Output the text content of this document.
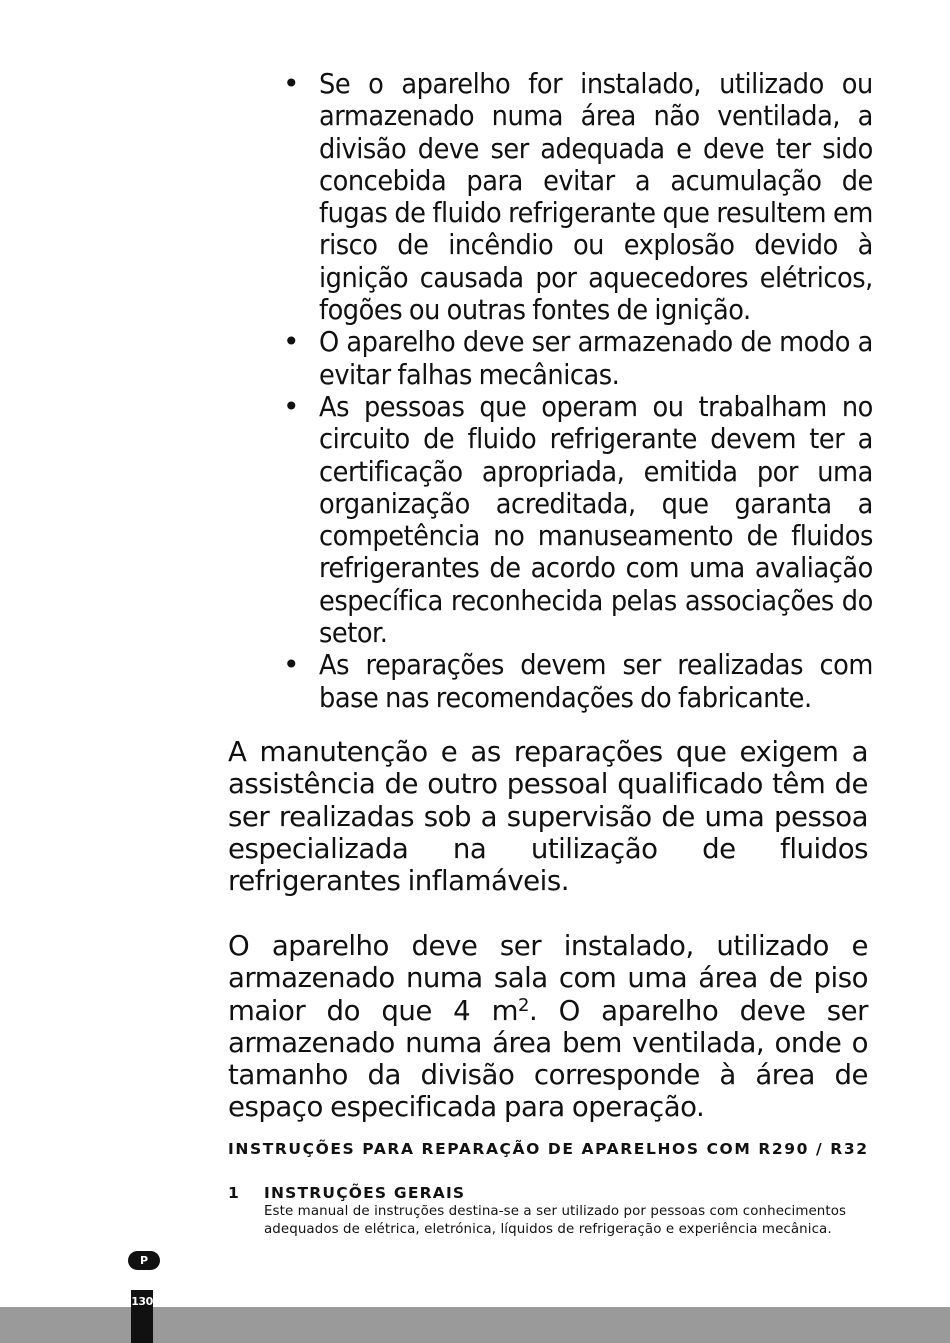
• Se o aparelho for instalado, utilizado ou armazenado numa área não ventilada, a divisão deve ser adequada e deve ter sido concebida para evitar a acumulação de fugas de fluido refrigerante que resultem em risco de incêndio ou explosão devido à ignição causada por aquecedores elétricos, fogões ou outras fontes de ignição.
• O aparelho deve ser armazenado de modo a evitar falhas mecânicas.
• As pessoas que operam ou trabalham no circuito de fluido refrigerante devem ter a certificação apropriada, emitida por uma organização acreditada, que garanta a competência no manuseamento de fluidos refrigerantes de acordo com uma avaliação específica reconhecida pelas associações do setor.
• As reparações devem ser realizadas com base nas recomendações do fabricante.

A manutenção e as reparações que exigem a assistência de outro pessoal qualificado têm de ser realizadas sob a supervisão de uma pessoa especializada na utilização de fluidos refrigerantes inflamáveis.

O aparelho deve ser instalado, utilizado e armazenado numa sala com uma área de piso maior do que 4 $m^2$. O aparelho deve ser armazenado numa área bem ventilada, onde o tamanho da divisão corresponde à área de espaço especificada para operação.

INSTRUÇÕES PARA REPARAÇÃO DE APARELHOS COM R290 / R32
1 INSTRUÇÕES GERAIS

Este manual de instruções destina-se a ser utilizado por pessoas com conhecimentos adequados de elétrica, eletrónica, líquidos de refrigeração e experiência mecânica.

P
130
